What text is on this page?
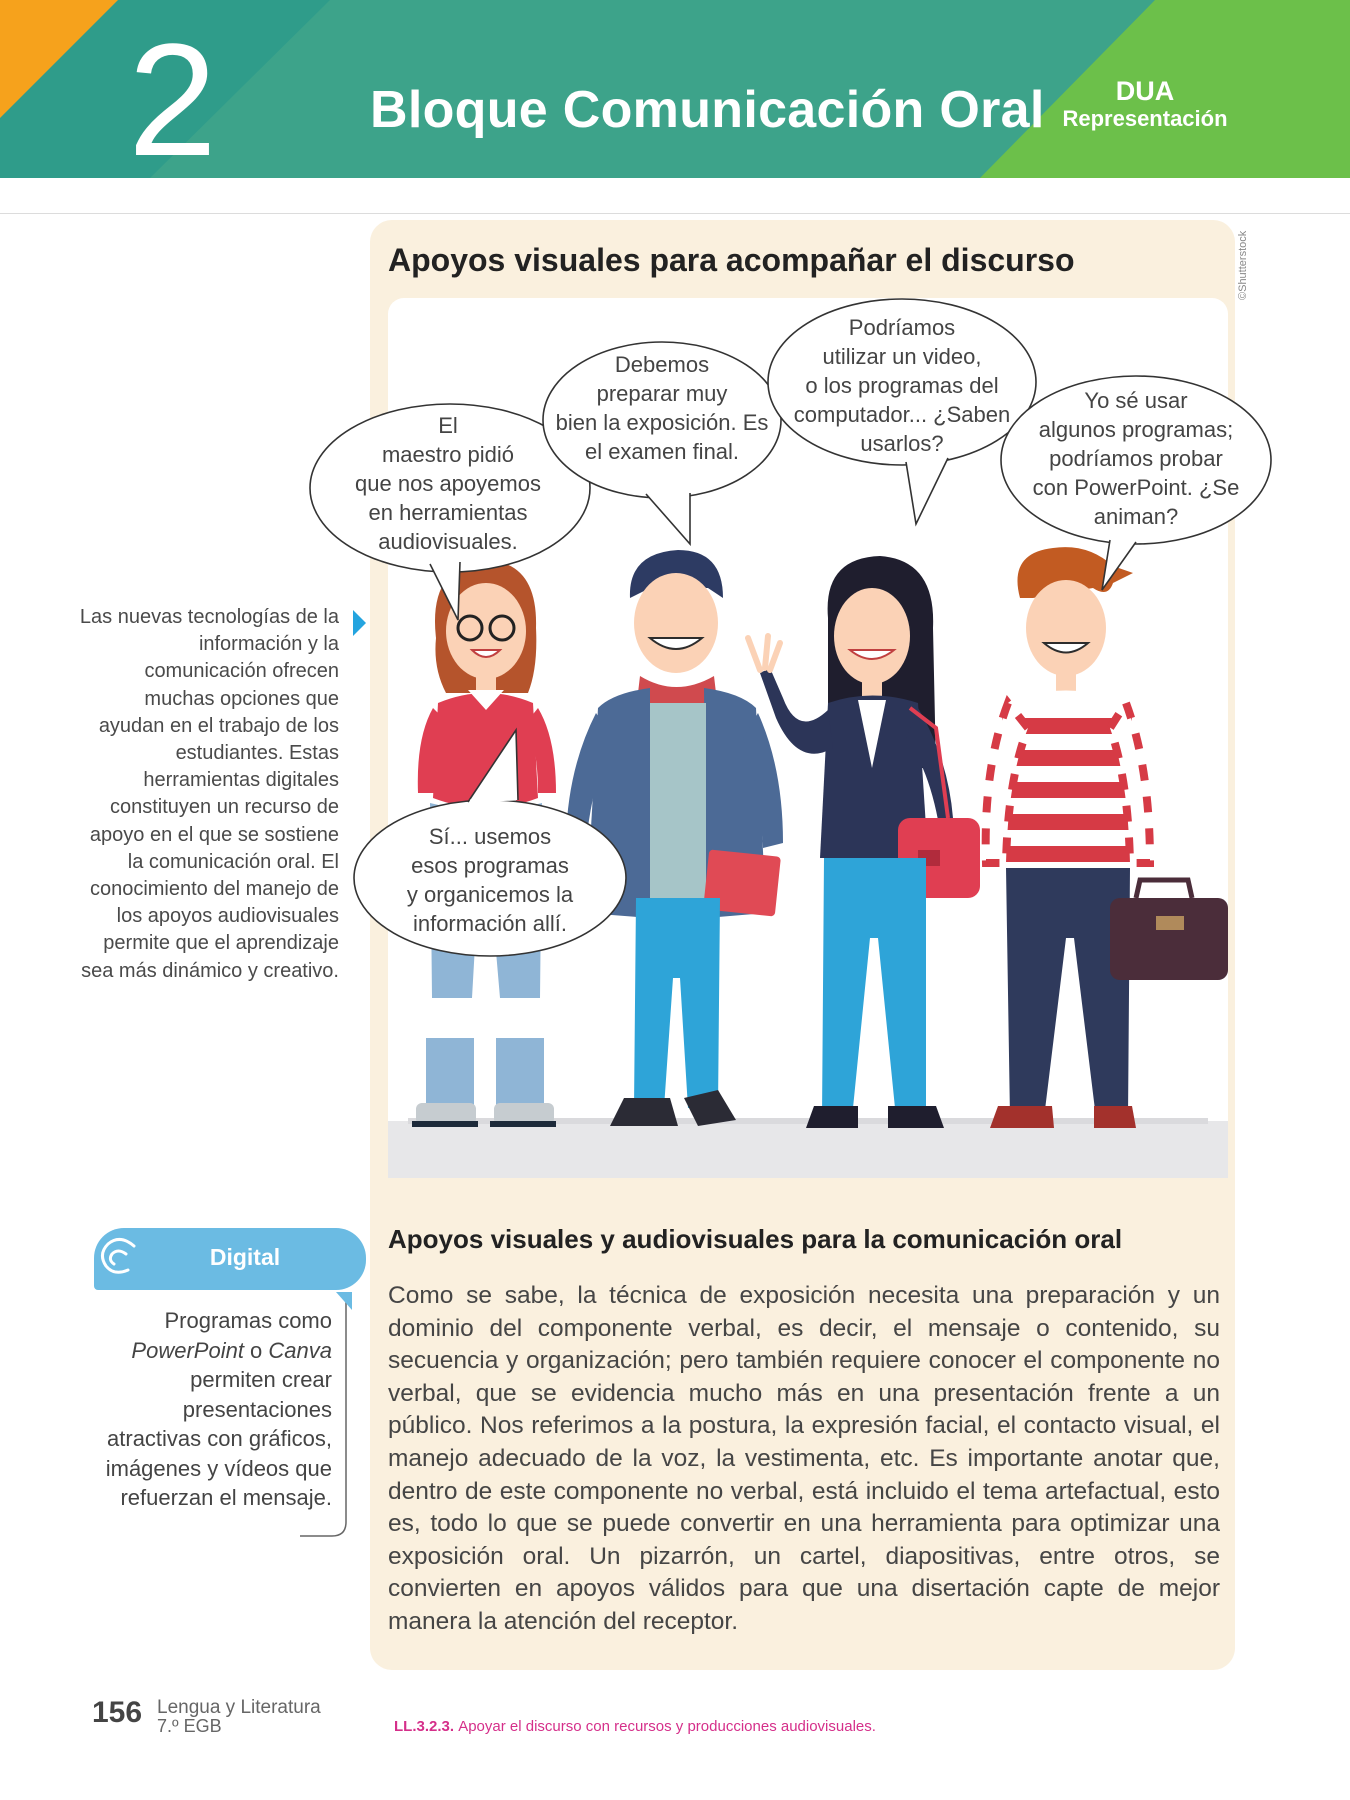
2	Bloque Comunicación Oral	DUA
Representación
Apoyos visuales para acompañar el discurso
El
maestro pidió
que nos apoyemos
en herramientas
audiovisuales.
Debemos
preparar muy
bien la exposición. Es
el examen final.
Podríamos
utilizar un video,
o los programas del
computador... ¿Saben
usarlos?
Yo sé usar
algunos programas;
podríamos probar
con PowerPoint. ¿Se
animan?
Sí... usemos
esos programas
y organicemos la
información allí.
©Shutterstock
Apoyos visuales y audiovisuales para la comunicación oral
Como se sabe, la técnica de exposición necesita una preparación y un dominio del componente verbal, es decir, el mensaje o contenido, su secuencia y organización; pero también requiere conocer el componente no verbal, que se evidencia mucho más en una presentación frente a un público. Nos referimos a la postura, la expresión facial, el contacto visual, el manejo adecuado de la voz, la vestimenta, etc. Es importante anotar que, dentro de este componente no verbal, está incluido el tema artefactual, esto es, todo lo que se puede convertir en una herramienta para optimizar una exposición oral. Un pizarrón, un cartel, diapositivas, entre otros, se convierten en apoyos válidos para que una disertación capte de mejor manera la atención del receptor.
Las nuevas tecnologías de la información y la comunicación ofrecen muchas opciones que ayudan en el trabajo de los estudiantes. Estas herramientas digitales constituyen un recurso de apoyo en el que se sostiene la comunicación oral. El conocimiento del manejo de los apoyos audiovisuales permite que el aprendizaje sea más dinámico y creativo.
Digital
Programas como
PowerPoint o Canva
permiten crear presentaciones atractivas con gráficos, imágenes y vídeos que refuerzan el mensaje.
156 Lengua y Literatura
7.º EGB	LL.3.2.3. Apoyar el discurso con recursos y producciones audiovisuales.
